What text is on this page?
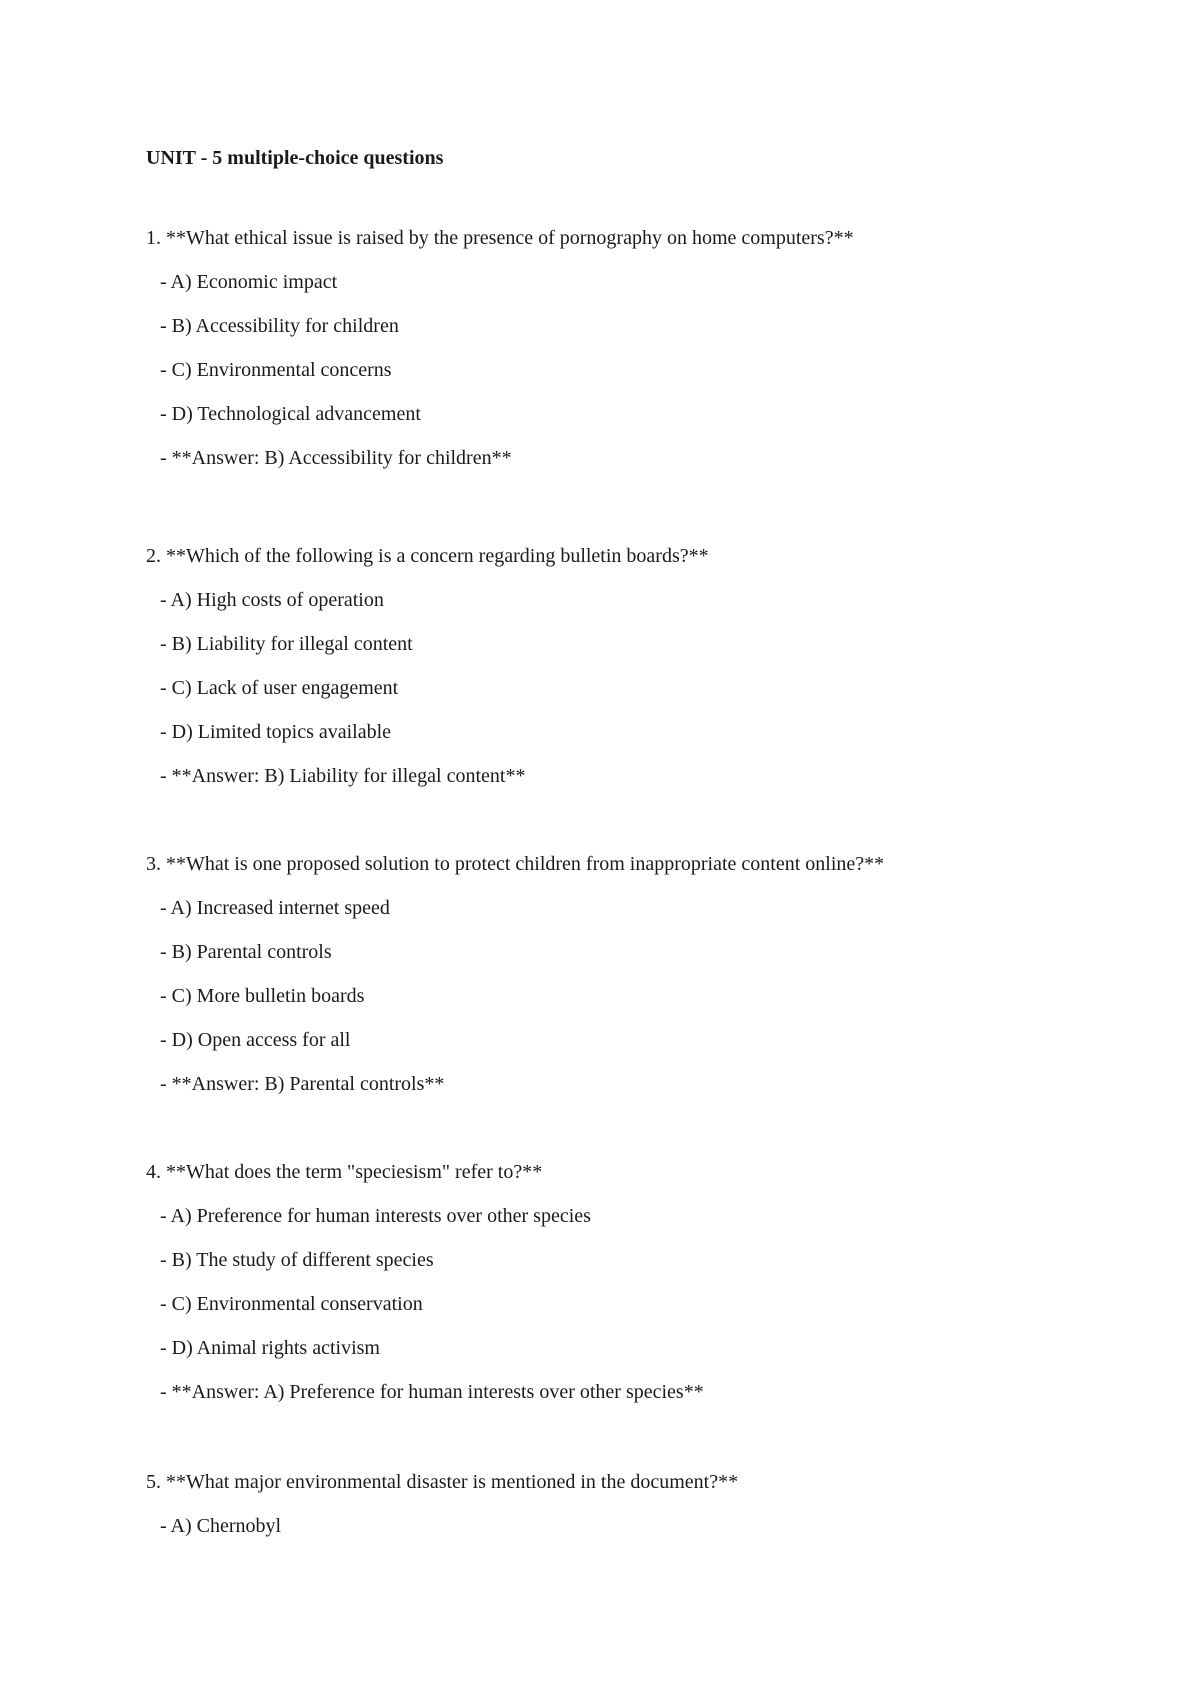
UNIT - 5 multiple-choice questions
1. **What ethical issue is raised by the presence of pornography on home computers?**
- A) Economic impact
- B) Accessibility for children
- C) Environmental concerns
- D) Technological advancement
- **Answer: B) Accessibility for children**
2. **Which of the following is a concern regarding bulletin boards?**
- A) High costs of operation
- B) Liability for illegal content
- C) Lack of user engagement
- D) Limited topics available
- **Answer: B) Liability for illegal content**
3. **What is one proposed solution to protect children from inappropriate content online?**
- A) Increased internet speed
- B) Parental controls
- C) More bulletin boards
- D) Open access for all
- **Answer: B) Parental controls**
4. **What does the term "speciesism" refer to?**
- A) Preference for human interests over other species
- B) The study of different species
- C) Environmental conservation
- D) Animal rights activism
- **Answer: A) Preference for human interests over other species**
5. **What major environmental disaster is mentioned in the document?**
- A) Chernobyl
